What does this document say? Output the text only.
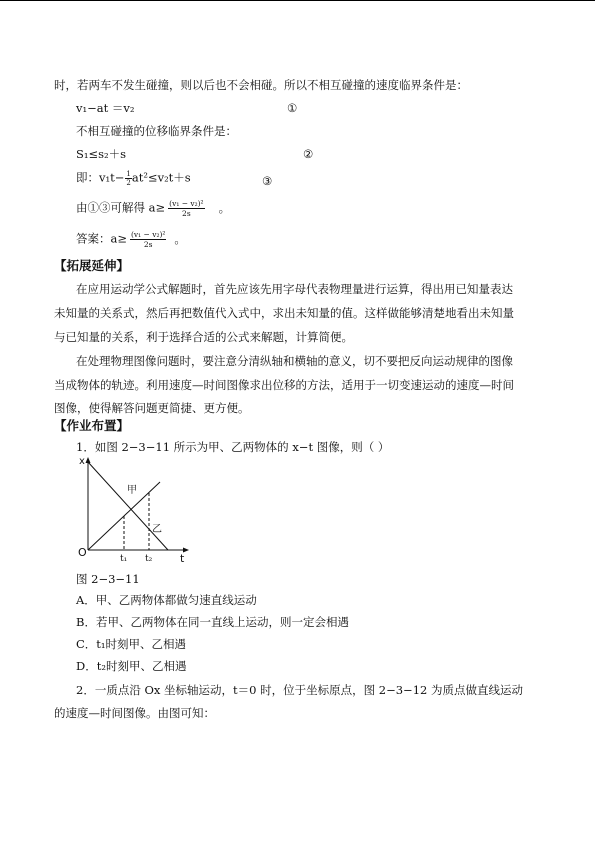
时，若两车不发生碰撞，则以后也不会相碰。所以不相互碰撞的速度临界条件是：
v₁−at ＝v₂	①
不相互碰撞的位移临界条件是：
S₁≤s₂＋s	②
即：$v_1t- \frac{1}{2} at^2\le v_2t+s$	③
由①③可解得 $a\ge \frac{\text{(v₁ − v₂)²}}{2s}$ 。
答案：$a\ge \frac{\text{(v₁ − v₂)²}}{2s}$ 。
【拓展延伸】
在应用运动学公式解题时，首先应该先用字母代表物理量进行运算，得出用已知量表达
未知量的关系式，然后再把数值代入式中，求出未知量的值。这样做能够清楚地看出未知量
与已知量的关系，利于选择合适的公式来解题，计算简便。
在处理物理图像问题时，要注意分清纵轴和横轴的意义，切不要把反向运动规律的图像
当成物体的轨迹。利用速度—时间图像求出位移的方法，适用于一切变速运动的速度—时间
图像，使得解答问题更简捷、更方便。
【作业布置】
1．如图 2−3−11 所示为甲、乙两物体的 x−t 图像，则（ ）
x
t
O
甲
乙
t₁ t₂
图 2−3−11
A．甲、乙两物体都做匀速直线运动
B．若甲、乙两物体在同一直线上运动，则一定会相遇
C．t₁时刻甲、乙相遇
D．t₂时刻甲、乙相遇
2．一质点沿 Ox 坐标轴运动，t＝0 时，位于坐标原点，图 2−3−12 为质点做直线运动
的速度—时间图像。由图可知：
